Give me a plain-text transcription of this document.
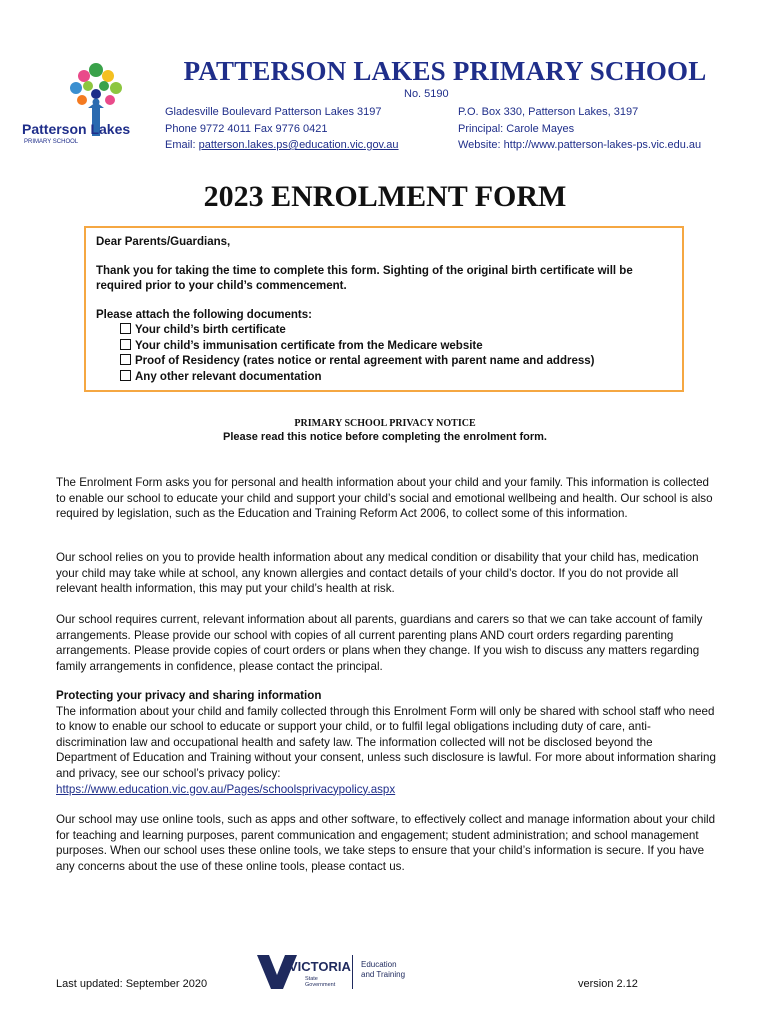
Patterson Lakes
PRIMARY SCHOOL
PATTERSON LAKES PRIMARY SCHOOL
No. 5190
Gladesville Boulevard Patterson Lakes 3197
Phone 9772 4011 Fax 9776 0421
Email: patterson.lakes.ps@education.vic.gov.au
P.O. Box 330, Patterson Lakes, 3197
Principal: Carole Mayes
Website: http://www.patterson-lakes-ps.vic.edu.au
2023 ENROLMENT FORM

Dear Parents/Guardians,

Thank you for taking the time to complete this form. Sighting of the original birth certificate will be required prior to your child’s commencement.

Please attach the following documents:

Your child’s birth certificate
Your child’s immunisation certificate from the Medicare website
Proof of Residency (rates notice or rental agreement with parent name and address)
Any other relevant documentation
PRIMARY SCHOOL PRIVACY NOTICE
Please read this notice before completing the enrolment form.

The Enrolment Form asks you for personal and health information about your child and your family. This information is collected to enable our school to educate your child and support your child’s social and emotional wellbeing and health. Our school is also required by legislation, such as the Education and Training Reform Act 2006, to collect some of this information.

Our school relies on you to provide health information about any medical condition or disability that your child has, medication your child may take while at school, any known allergies and contact details of your child’s doctor. If you do not provide all relevant health information, this may put your child’s health at risk.

Our school requires current, relevant information about all parents, guardians and carers so that we can take account of family arrangements. Please provide our school with copies of all current parenting plans AND court orders regarding parenting arrangements. Please provide copies of court orders or plans when they change. If you wish to discuss any matters regarding family arrangements in confidence, please contact the principal.

Protecting your privacy and sharing information
The information about your child and family collected through this Enrolment Form will only be shared with school staff who need to know to enable our school to educate or support your child, or to fulfil legal obligations including duty of care, anti-discrimination law and occupational health and safety law. The information collected will not be disclosed beyond the Department of Education and Training without your consent, unless such disclosure is lawful. For more about information sharing and privacy, see our school’s privacy policy:
https://www.education.vic.gov.au/Pages/schoolsprivacypolicy.aspx

Our school may use online tools, such as apps and other software, to effectively collect and manage information about your child for teaching and learning purposes, parent communication and engagement; student administration; and school management purposes. When our school uses these online tools, we take steps to ensure that your child’s information is secure. If you have any concerns about the use of these online tools, please contact us.

VICTORIA
State
Government
Education
and Training
Last updated: September 2020	version 2.12
